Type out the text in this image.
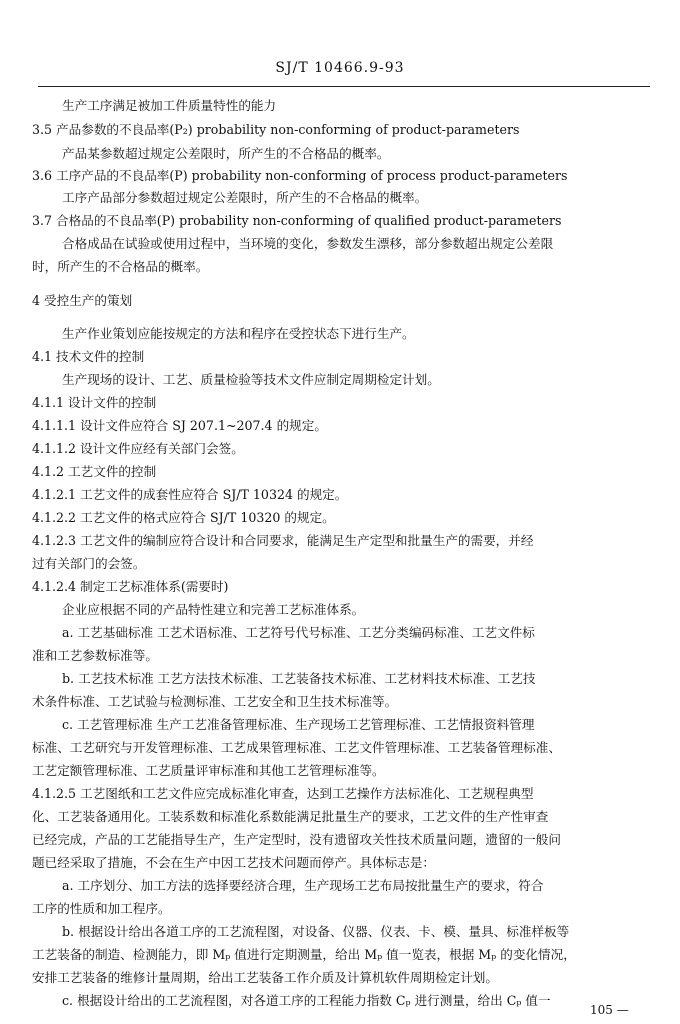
SJ/T 10466.9-93
生产工序满足被加工件质量特性的能力
3.5 产品参数的不良品率(P₂) probability non-conforming of product-parameters
产品某参数超过规定公差限时，所产生的不合格品的概率。
3.6 工序产品的不良品率(P) probability non-conforming of process product-parameters
工序产品部分参数超过规定公差限时，所产生的不合格品的概率。
3.7 合格品的不良品率(P) probability non-conforming of qualified product-parameters
合格成品在试验或使用过程中，当环境的变化，参数发生漂移，部分参数超出规定公差限
时，所产生的不合格品的概率。
4 受控生产的策划
生产作业策划应能按规定的方法和程序在受控状态下进行生产。
4.1 技术文件的控制
生产现场的设计、工艺、质量检验等技术文件应制定周期检定计划。
4.1.1 设计文件的控制
4.1.1.1 设计文件应符合 SJ 207.1~207.4 的规定。
4.1.1.2 设计文件应经有关部门会签。
4.1.2 工艺文件的控制
4.1.2.1 工艺文件的成套性应符合 SJ/T 10324 的规定。
4.1.2.2 工艺文件的格式应符合 SJ/T 10320 的规定。
4.1.2.3 工艺文件的编制应符合设计和合同要求，能满足生产定型和批量生产的需要，并经
过有关部门的会签。
4.1.2.4 制定工艺标准体系(需要时)
企业应根据不同的产品特性建立和完善工艺标准体系。
a. 工艺基础标准 工艺术语标准、工艺符号代号标准、工艺分类编码标准、工艺文件标
准和工艺参数标准等。
b. 工艺技术标准 工艺方法技术标准、工艺装备技术标准、工艺材料技术标准、工艺技
术条件标准、工艺试验与检测标准、工艺安全和卫生技术标准等。
c. 工艺管理标准 生产工艺准备管理标准、生产现场工艺管理标准、工艺情报资料管理
标准、工艺研究与开发管理标准、工艺成果管理标准、工艺文件管理标准、工艺装备管理标准、
工艺定额管理标准、工艺质量评审标准和其他工艺管理标准等。
4.1.2.5 工艺图纸和工艺文件应完成标准化审查，达到工艺操作方法标准化、工艺规程典型
化、工艺装备通用化。工装系数和标准化系数能满足批量生产的要求，工艺文件的生产性审查
已经完成，产品的工艺能指导生产，生产定型时，没有遗留攻关性技术质量问题，遗留的一般问
题已经采取了措施，不会在生产中因工艺技术问题而停产。具体标志是：
a. 工序划分、加工方法的选择要经济合理，生产现场工艺布局按批量生产的要求，符合
工序的性质和加工程序。
b. 根据设计给出各道工序的工艺流程图，对设备、仪器、仪表、卡、模、量具、标准样板等
工艺装备的制造、检测能力，即 Mₚ 值进行定期测量，给出 Mₚ 值一览表，根据 Mₚ 的变化情况，
安排工艺装备的维修计量周期，给出工艺装备工作介质及计算机软件周期检定计划。
c. 根据设计给出的工艺流程图，对各道工序的工程能力指数 Cₚ 进行测量，给出 Cₚ 值一
105 —
